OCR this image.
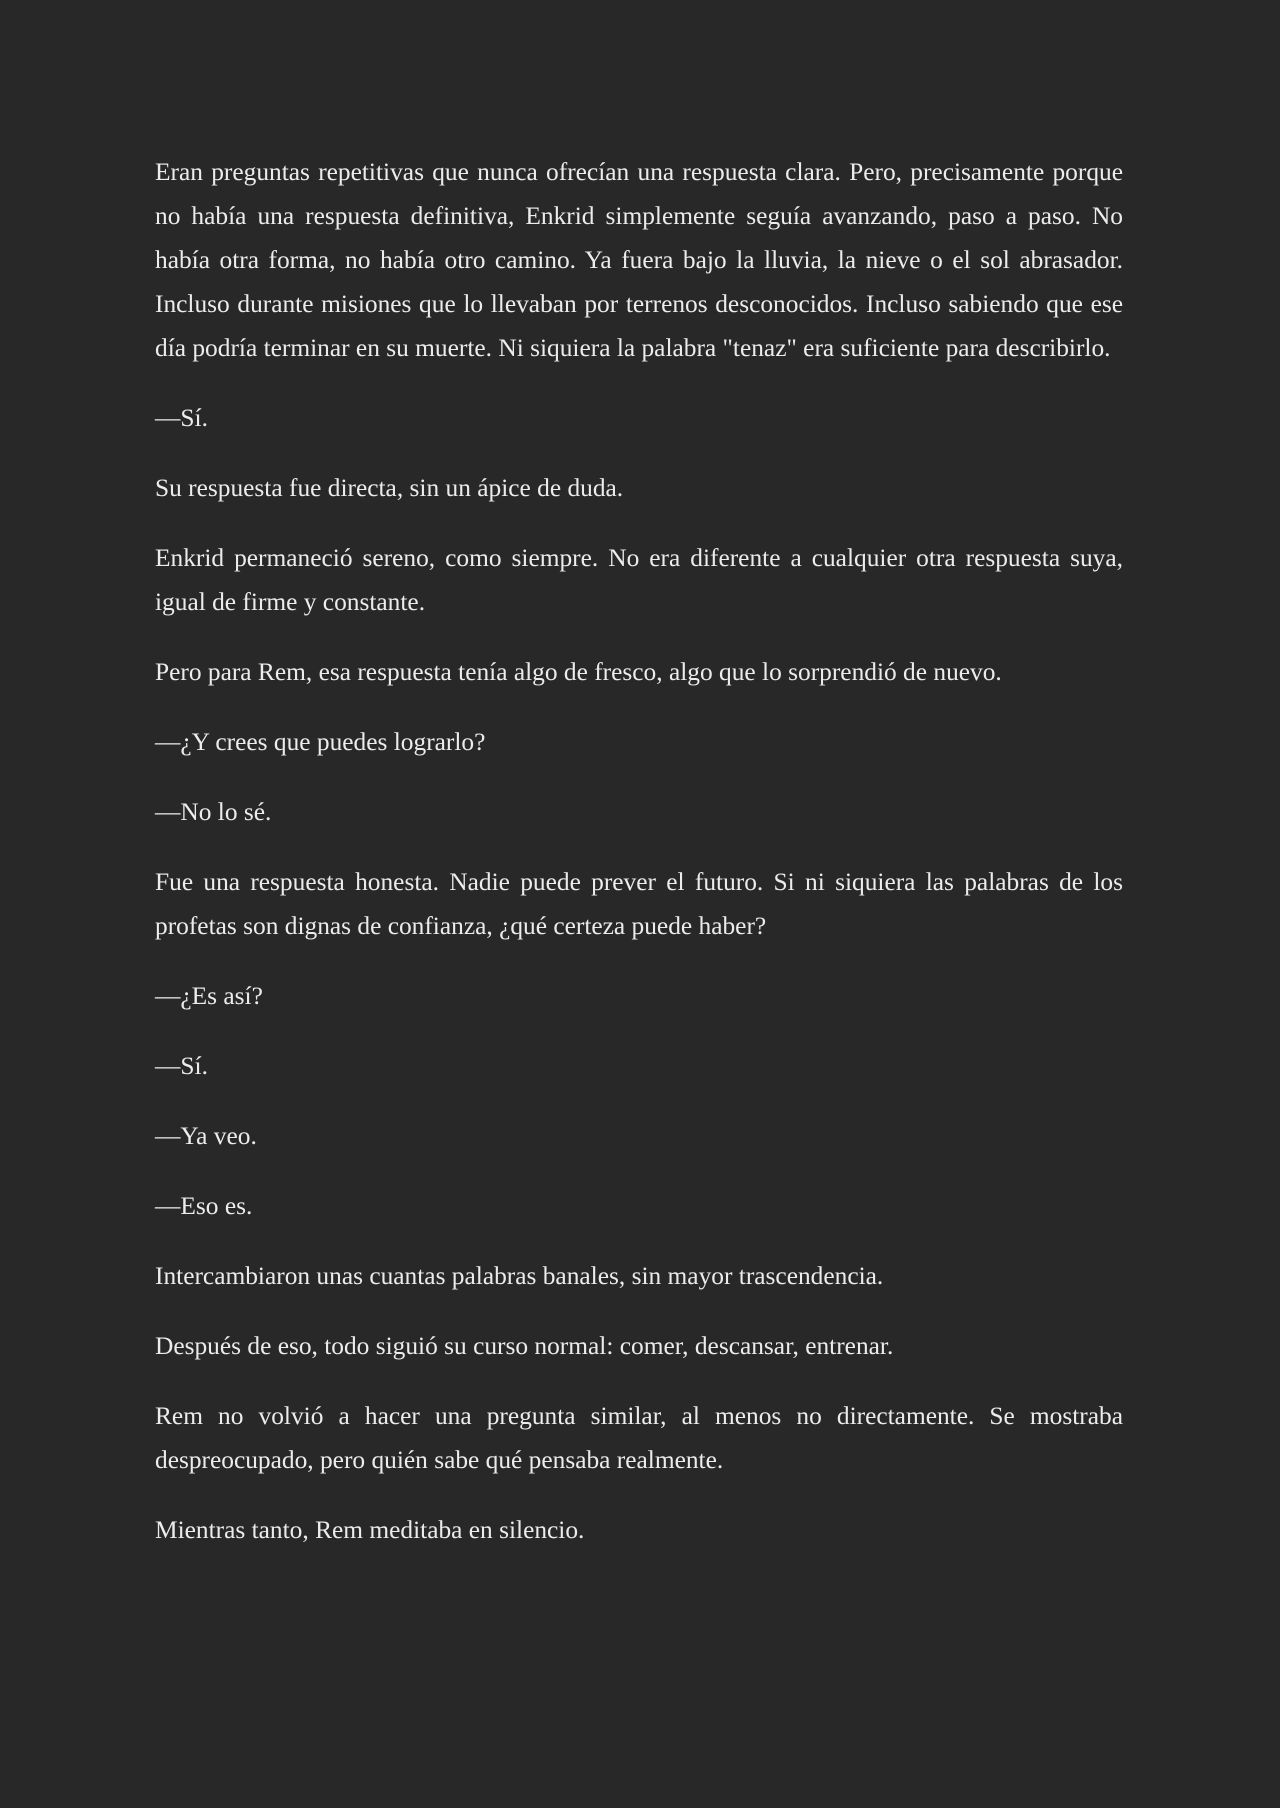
Eran preguntas repetitivas que nunca ofrecían una respuesta clara. Pero, precisamente porque no había una respuesta definitiva, Enkrid simplemente seguía avanzando, paso a paso. No había otra forma, no había otro camino. Ya fuera bajo la lluvia, la nieve o el sol abrasador. Incluso durante misiones que lo llevaban por terrenos desconocidos. Incluso sabiendo que ese día podría terminar en su muerte. Ni siquiera la palabra "tenaz" era suficiente para describirlo.

—Sí.

Su respuesta fue directa, sin un ápice de duda.

Enkrid permaneció sereno, como siempre. No era diferente a cualquier otra respuesta suya, igual de firme y constante.

Pero para Rem, esa respuesta tenía algo de fresco, algo que lo sorprendió de nuevo.

—¿Y crees que puedes lograrlo?

—No lo sé.

Fue una respuesta honesta. Nadie puede prever el futuro. Si ni siquiera las palabras de los profetas son dignas de confianza, ¿qué certeza puede haber?

—¿Es así?

—Sí.

—Ya veo.

—Eso es.

Intercambiaron unas cuantas palabras banales, sin mayor trascendencia.

Después de eso, todo siguió su curso normal: comer, descansar, entrenar.

Rem no volvió a hacer una pregunta similar, al menos no directamente. Se mostraba despreocupado, pero quién sabe qué pensaba realmente.

Mientras tanto, Rem meditaba en silencio.
